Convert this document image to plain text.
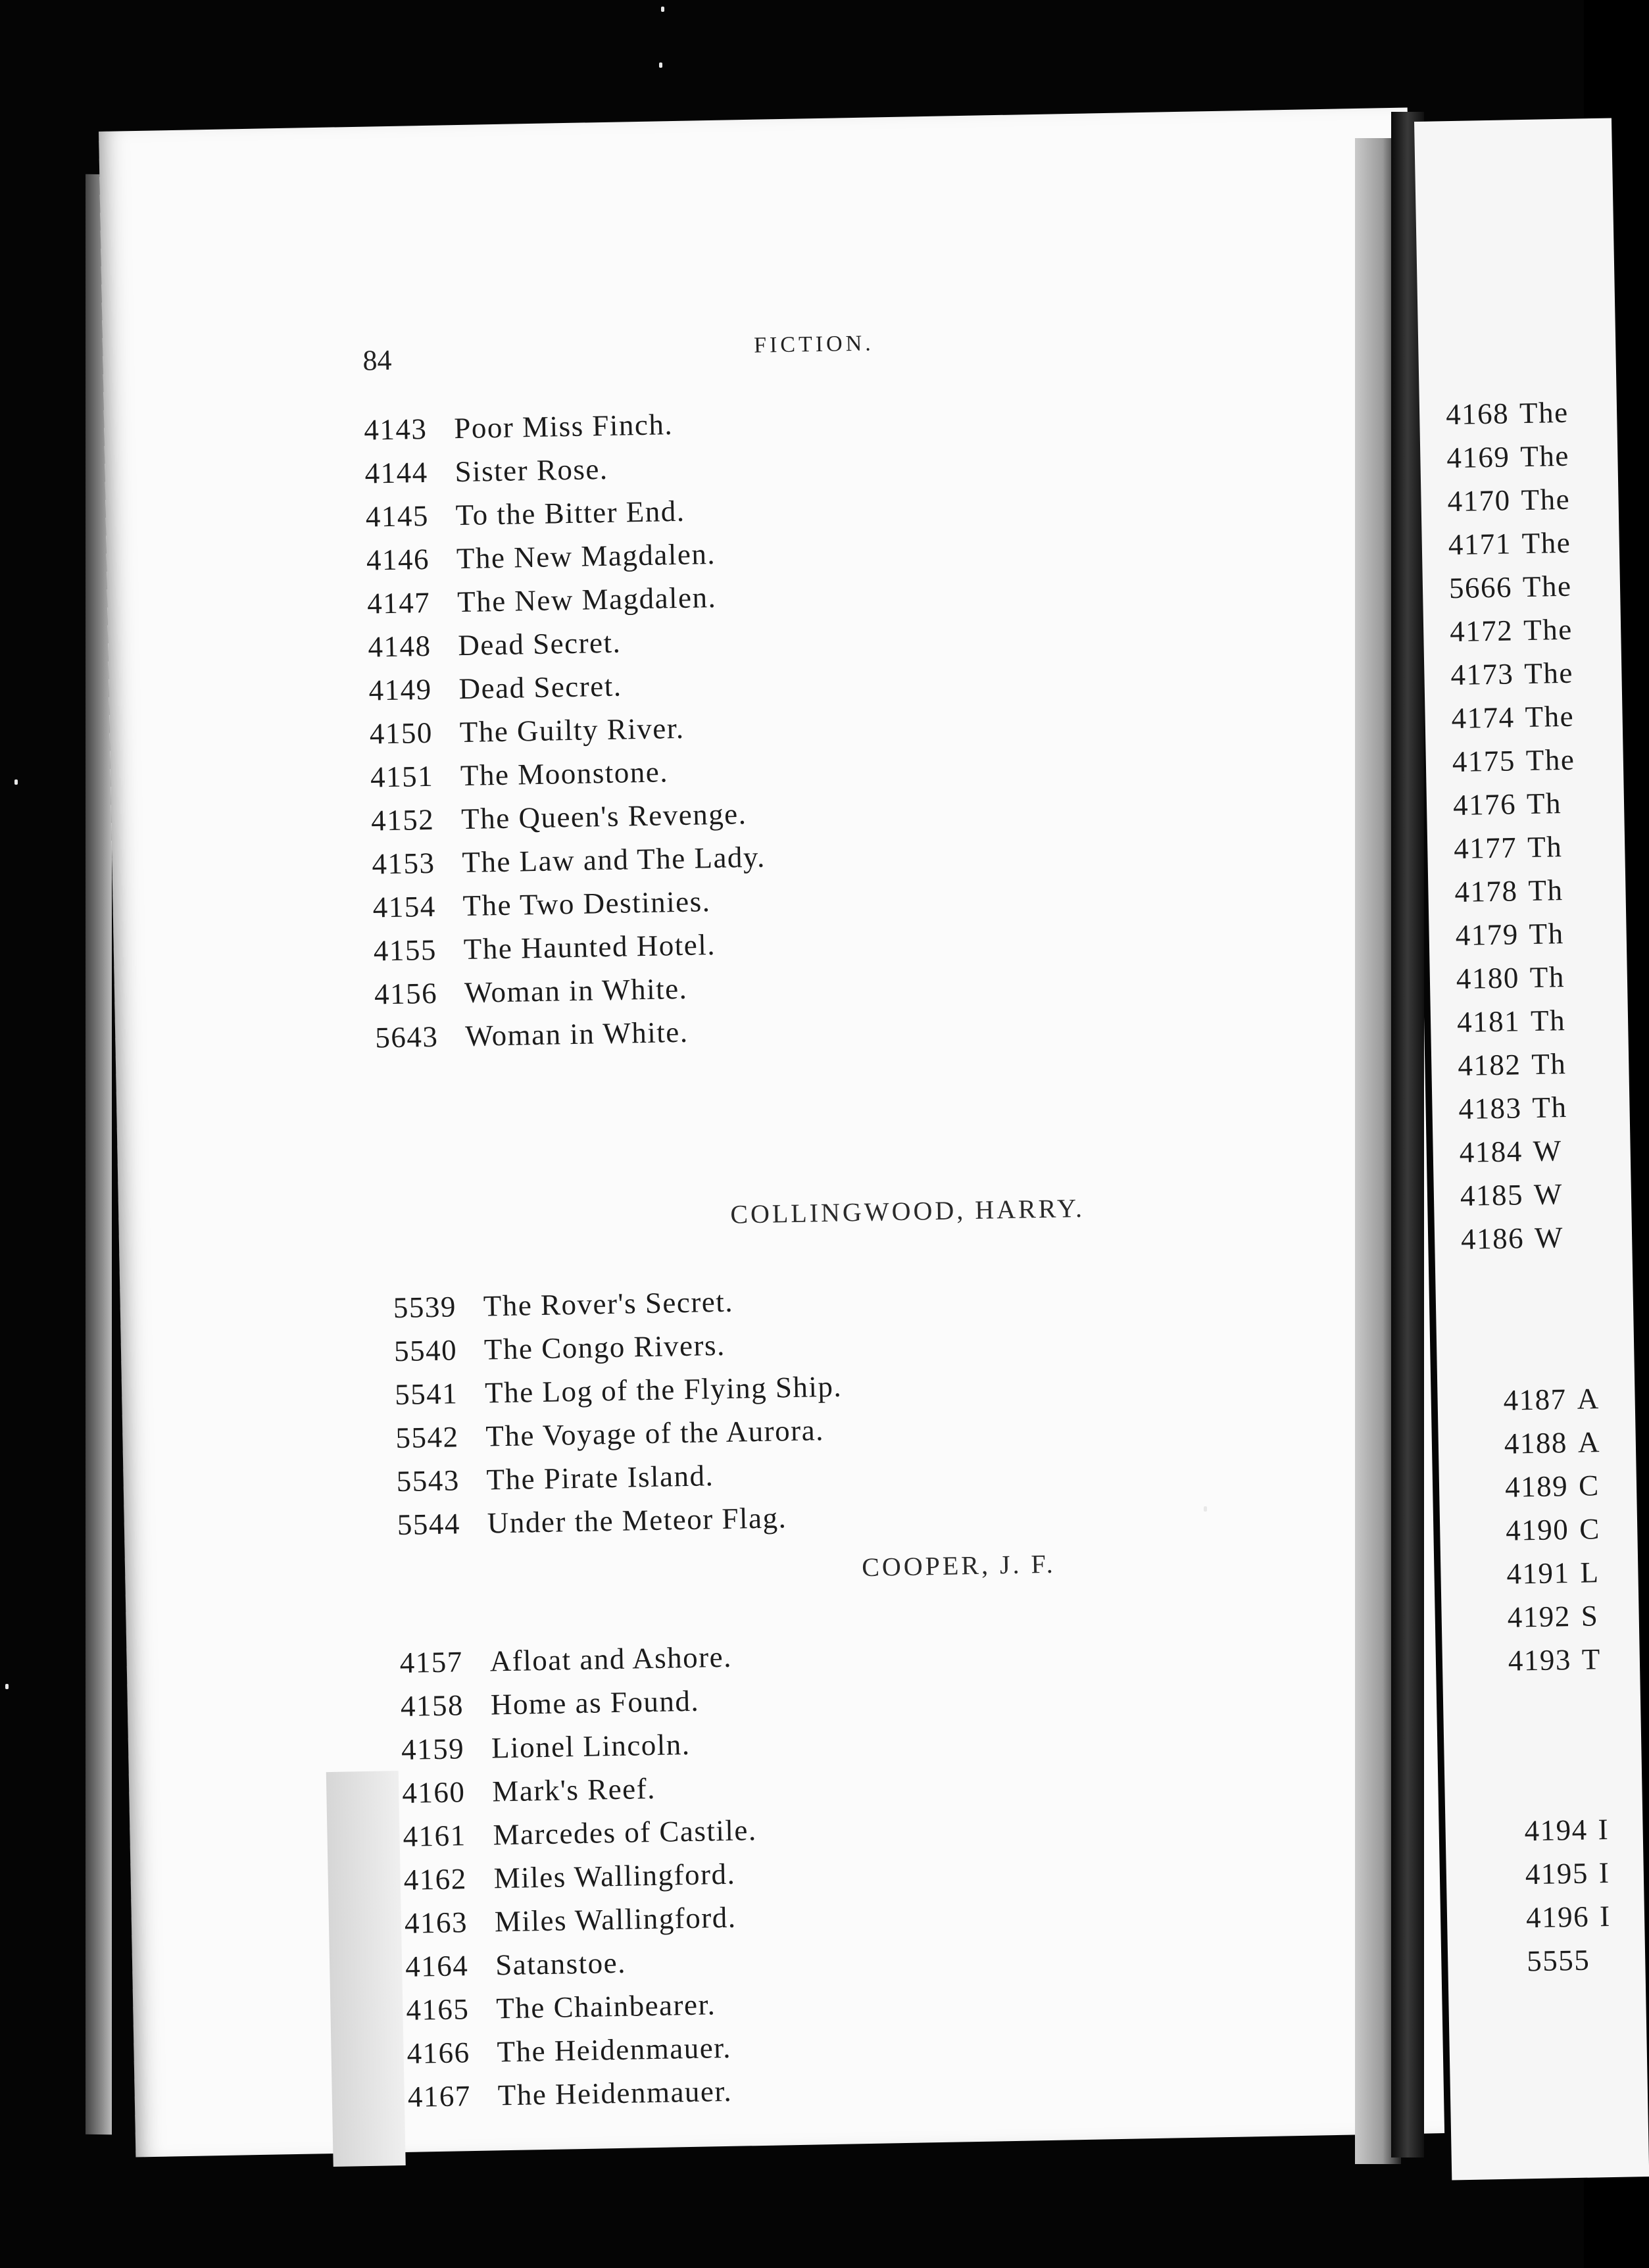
84	FICTION.
4143 Poor Miss Finch.
4144 Sister Rose.
4145 To the Bitter End.
4146 The New Magdalen.
4147 The New Magdalen.
4148 Dead Secret.
4149 Dead Secret.
4150 The Guilty River.
4151 The Moonstone.
4152 The Queen's Revenge.
4153 The Law and The Lady.
4154 The Two Destinies.
4155 The Haunted Hotel.
4156 Woman in White.
5643 Woman in White.
COLLINGWOOD, HARRY.
5539 The Rover's Secret.
5540 The Congo Rivers.
5541 The Log of the Flying Ship.
5542 The Voyage of the Aurora.
5543 The Pirate Island.
5544 Under the Meteor Flag.
COOPER, J. F.
4157 Afloat and Ashore.
4158 Home as Found.
4159 Lionel Lincoln.
4160 Mark's Reef.
4161 Marcedes of Castile.
4162 Miles Wallingford.
4163 Miles Wallingford.
4164 Satanstoe.
4165 The Chainbearer.
4166 The Heidenmauer.
4167 The Heidenmauer.
4168 The
4169 The
4170 The
4171 The
5666 The
4172 The
4173 The
4174 The
4175 The
4176 Th
4177 Th
4178 Th
4179 Th
4180 Th
4181 Th
4182 Th
4183 Th
4184 W
4185 W
4186 W
4187 A
4188 A
4189 C
4190 C
4191 L
4192 S
4193 T
4194 I
4195 I
4196 I
5555
